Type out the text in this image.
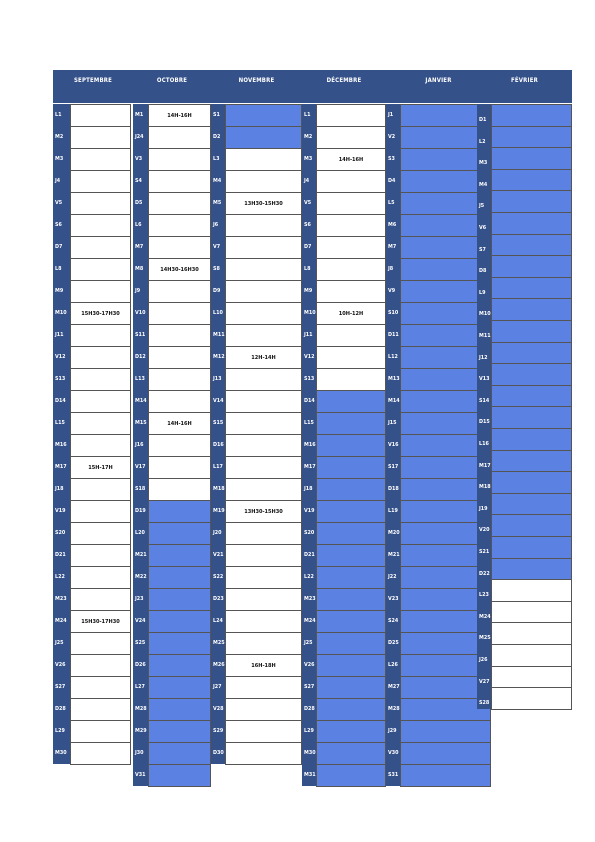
SEPTEMBRE
L1
M2
M3
J4
V5
S6
D7
L8
M9
M10	15H30-17H30
J11
V12
S13
D14
L15
M16
M17	15H-17H
J18
V19
S20
D21
L22
M23
M24	15H30-17H30
J25
V26
S27
D28
L29
M30
OCTOBRE
M1	14H-16H
J24
V3
S4
D5
L6
M7
M8	14H30-16H30
J9
V10
S11
D12
L13
M14
M15	14H-16H
J16
V17
S18
D19
L20
M21
M22
J23
V24
S25
D26
L27
M28
M29
J30
V31
NOVEMBRE
S1
D2
L3
M4
M5	13H30-15H30
J6
V7
S8
D9
L10
M11
M12	12H-14H
J13
V14
S15
D16
L17
M18
M19	13H30-15H30
J20
V21
S22
D23
L24
M25
M26	16H-18H
J27
V28
S29
D30
DÉCEMBRE
L1
M2
M3	14H-16H
J4
V5
S6
D7
L8
M9
M10	10H-12H
J11
V12
S13
D14
L15
M16
M17
J18
V19
S20
D21
L22
M23
M24
J25
V26
S27
D28
L29
M30
M31
JANVIER
J1
V2
S3
D4
L5
M6
M7
J8
V9
S10
D11
L12
M13
M14
J15
V16
S17
D18
L19
M20
M21
J22
V23
S24
D25
L26
M27
M28
J29
V30
S31
FÉVRIER
D1
L2
M3
M4
J5
V6
S7
D8
L9
M10
M11
J12
V13
S14
D15
L16
M17
M18
J19
V20
S21
D22
L23
M24
M25
J26
V27
S28
